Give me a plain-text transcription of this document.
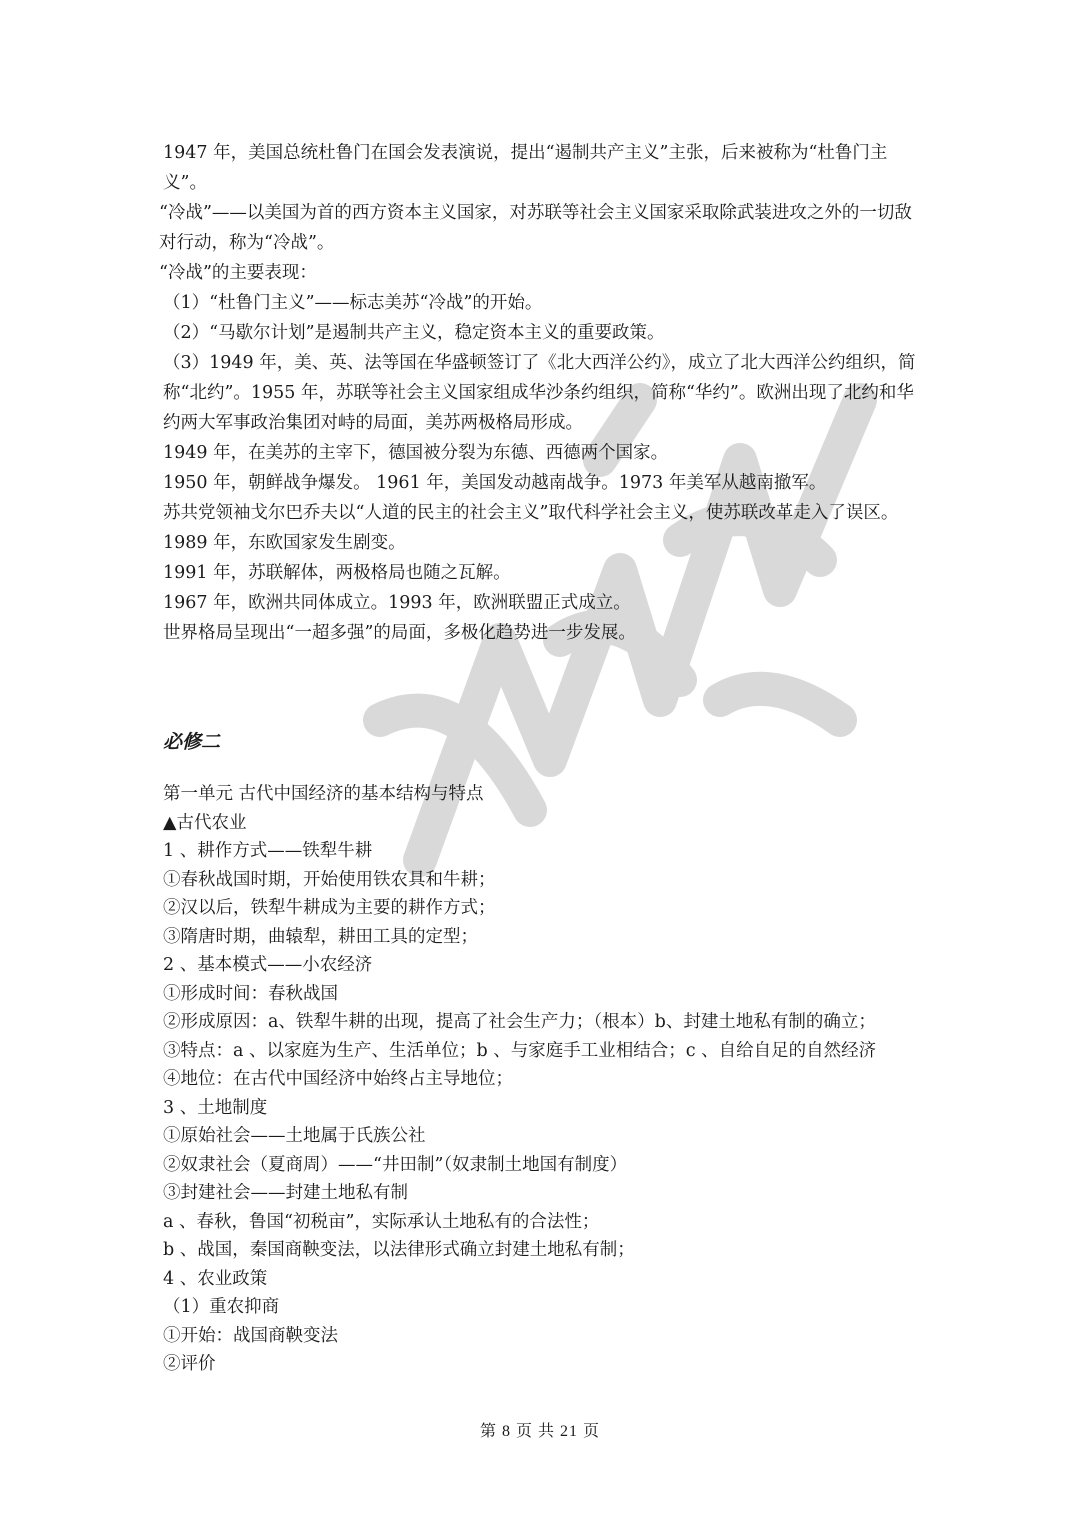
1947 年，美国总统杜鲁门在国会发表演说，提出“遏制共产主义”主张，后来被称为“杜鲁门主义”。

“冷战”——以美国为首的西方资本主义国家，对苏联等社会主义国家采取除武装进攻之外的一切敌对行动，称为“冷战”。

“冷战”的主要表现：

（1）“杜鲁门主义”——标志美苏“冷战”的开始。

（2）“马歇尔计划”是遏制共产主义，稳定资本主义的重要政策。

（3）1949 年，美、英、法等国在华盛顿签订了《北大西洋公约》，成立了北大西洋公约组织，简称“北约”。1955 年，苏联等社会主义国家组成华沙条约组织，简称“华约”。欧洲出现了北约和华约两大军事政治集团对峙的局面，美苏两极格局形成。

1949 年，在美苏的主宰下，德国被分裂为东德、西德两个国家。

1950 年，朝鲜战争爆发。 1961 年，美国发动越南战争。1973 年美军从越南撤军。

苏共党领袖戈尔巴乔夫以“人道的民主的社会主义”取代科学社会主义，使苏联改革走入了误区。

1989 年，东欧国家发生剧变。

1991 年，苏联解体，两极格局也随之瓦解。

1967 年，欧洲共同体成立。1993 年，欧洲联盟正式成立。

世界格局呈现出“一超多强”的局面，多极化趋势进一步发展。

必修二

第一单元 古代中国经济的基本结构与特点

▲古代农业

1 、耕作方式——铁犁牛耕

①春秋战国时期，开始使用铁农具和牛耕；

②汉以后，铁犁牛耕成为主要的耕作方式；

③隋唐时期，曲辕犁，耕田工具的定型；

2 、基本模式——小农经济

①形成时间：春秋战国

②形成原因：a、铁犁牛耕的出现，提高了社会生产力；（根本）b、封建土地私有制的确立；

③特点：a 、以家庭为生产、生活单位；b 、与家庭手工业相结合；c 、自给自足的自然经济

④地位：在古代中国经济中始终占主导地位；

3 、土地制度

①原始社会——土地属于氏族公社

②奴隶社会（夏商周）——“井田制”（奴隶制土地国有制度）

③封建社会——封建土地私有制

a 、春秋，鲁国“初税亩”，实际承认土地私有的合法性；

b 、战国，秦国商鞅变法，以法律形式确立封建土地私有制；

4 、农业政策

（1）重农抑商

①开始：战国商鞅变法

②评价

第 8 页 共 21 页
